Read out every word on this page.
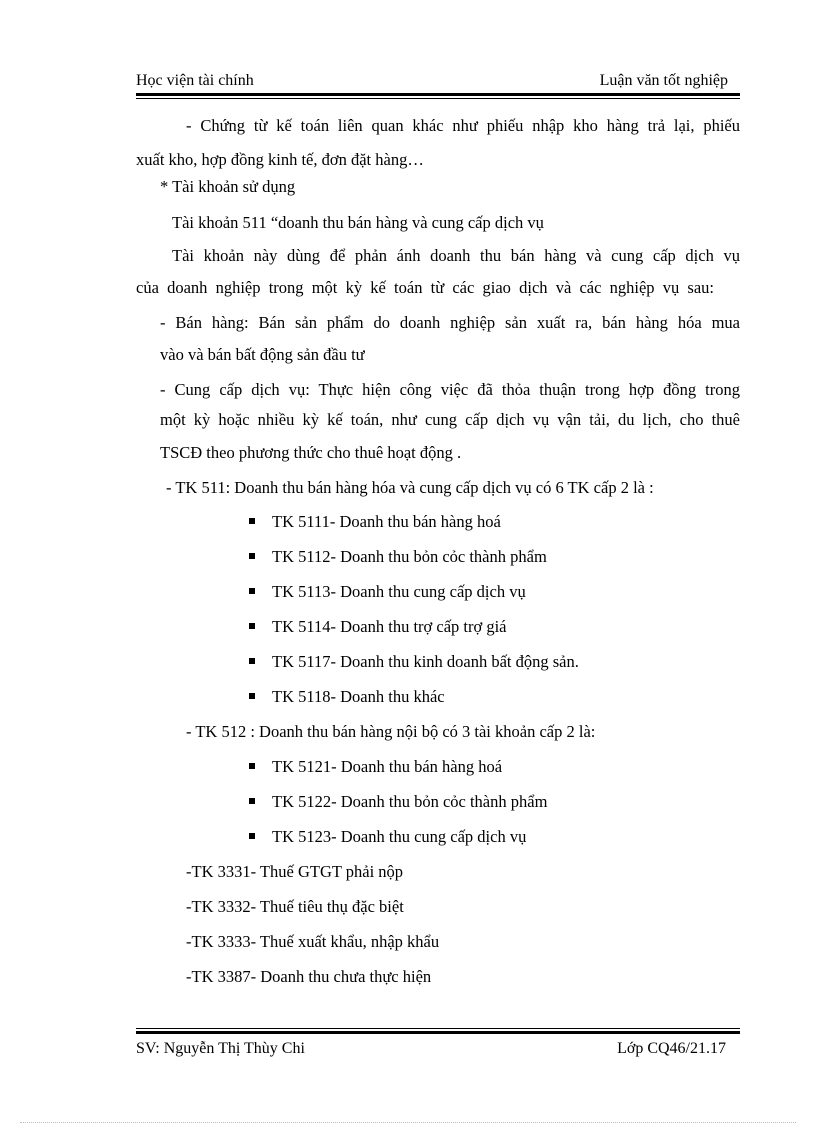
Học viện tài chính	Luận văn tốt nghiệp
- Chứng từ kế toán liên quan khác như phiếu nhập kho hàng trả lại, phiếu
xuất kho, hợp đồng kinh tế, đơn đặt hàng…
* Tài khoản sử dụng
Tài khoản 511 “doanh thu bán hàng và cung cấp dịch vụ
Tài khoản này dùng để phản ánh doanh thu bán hàng và cung cấp dịch vụ
của doanh nghiệp trong một kỳ kế toán từ các giao dịch và các nghiệp vụ sau:
- Bán hàng: Bán sản phẩm do doanh nghiệp sản xuất ra, bán hàng hóa mua
vào và bán bất động sản đầu tư
- Cung cấp dịch vụ: Thực hiện công việc đã thỏa thuận trong hợp đồng trong
một kỳ hoặc nhiều kỳ kế toán, như cung cấp dịch vụ vận tải, du lịch, cho thuê
TSCĐ theo phương thức cho thuê hoạt động .
- TK 511: Doanh thu bán hàng hóa và cung cấp dịch vụ có 6 TK cấp 2 là :
TK 5111- Doanh thu bán hàng hoá
TK 5112- Doanh thu bỏn cỏc thành phẩm
TK 5113- Doanh thu cung cấp dịch vụ
TK 5114- Doanh thu trợ cấp trợ giá
TK 5117- Doanh thu kinh doanh bất động sản.
TK 5118- Doanh thu khác
- TK 512 : Doanh thu bán hàng nội bộ có 3 tài khoản cấp 2 là:
TK 5121- Doanh thu bán hàng hoá
TK 5122- Doanh thu bỏn cỏc thành phẩm
TK 5123- Doanh thu cung cấp dịch vụ
-TK 3331- Thuế GTGT phải nộp
-TK 3332- Thuế tiêu thụ đặc biệt
-TK 3333- Thuế xuất khẩu, nhập khẩu
-TK 3387- Doanh thu chưa thực hiện
SV: Nguyễn Thị Thùy Chi	Lớp CQ46/21.17
